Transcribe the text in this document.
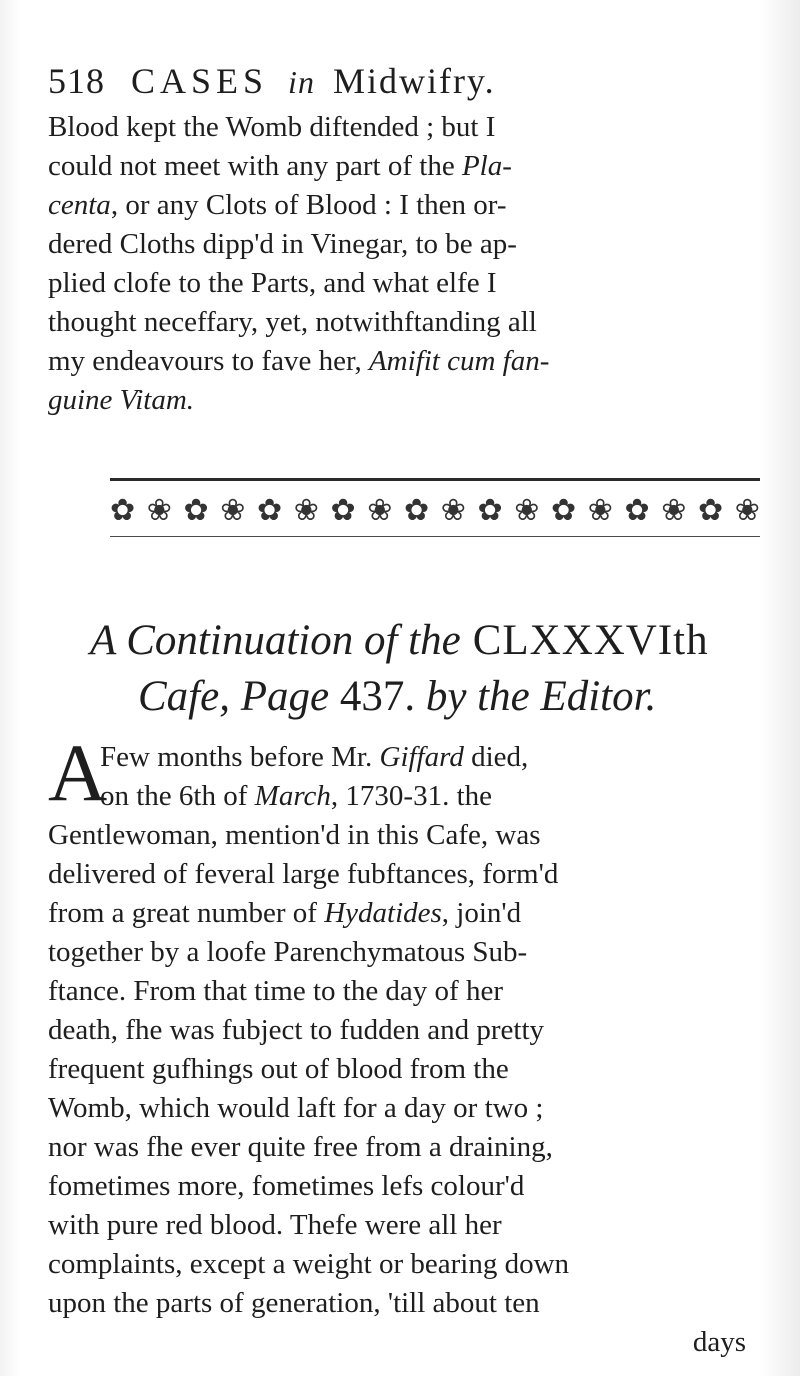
518 CASES in Midwifry.
Blood kept the Womb diftended ; but I
could not meet with any part of the Pla-
centa, or any Clots of Blood : I then or-
dered Cloths dipp'd in Vinegar, to be ap-
plied clofe to the Parts, and what elfe I
thought neceffary, yet, notwithftanding all
my endeavours to fave her, Amifit cum fan-
guine Vitam.
✿ ❀ ✿ ❀ ✿ ❀ ✿ ❀ ✿ ❀ ✿ ❀ ✿ ❀ ✿ ❀ ✿ ❀
A Continuation of the CLXXXVIth
Cafe, Page 437. by the Editor.
A
Few months before Mr. Giffard died,
on the 6th of March, 1730-31. the
Gentlewoman, mention'd in this Cafe, was
delivered of feveral large fubftances, form'd
from a great number of Hydatides, join'd
together by a loofe Parenchymatous Sub-
ftance. From that time to the day of her
death, fhe was fubject to fudden and pretty
frequent gufhings out of blood from the
Womb, which would laft for a day or two ;
nor was fhe ever quite free from a draining,
fometimes more, fometimes lefs colour'd
with pure red blood. Thefe were all her
complaints, except a weight or bearing down
upon the parts of generation, 'till about ten
days
